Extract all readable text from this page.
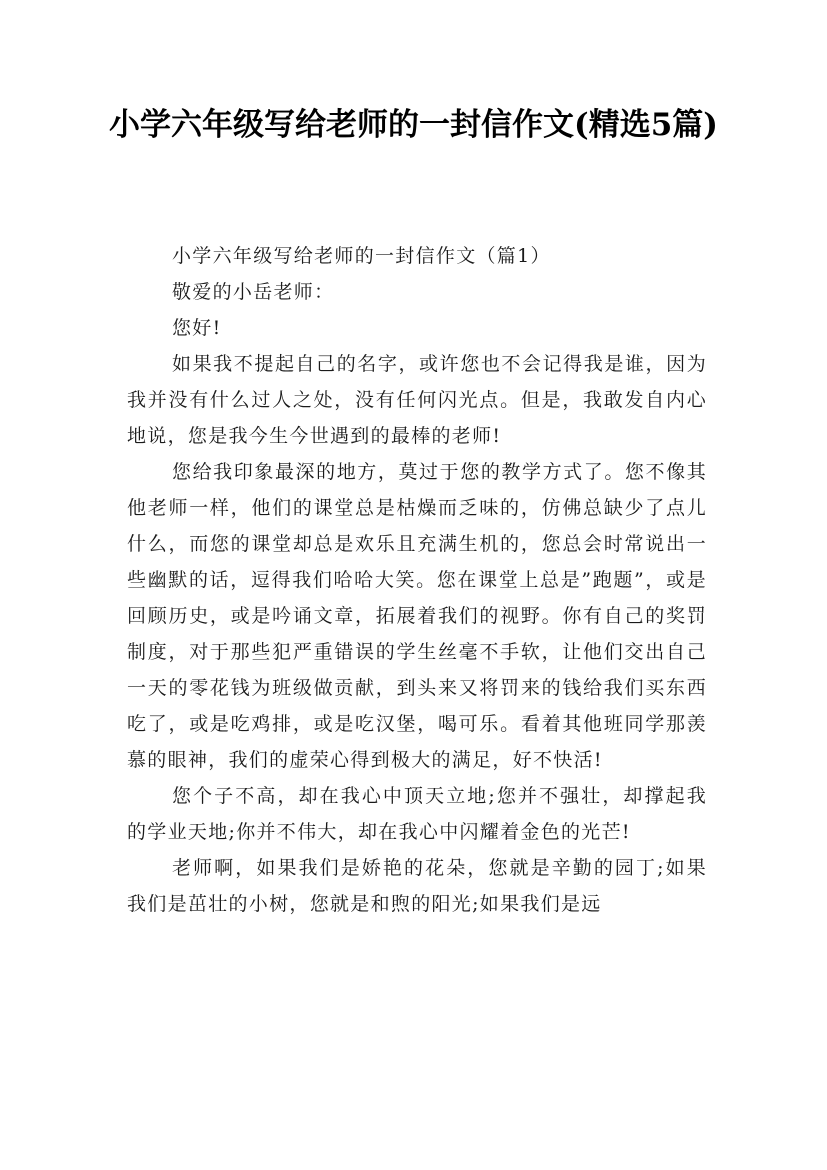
小学六年级写给老师的一封信作文(精选5篇)

小学六年级写给老师的一封信作文（篇1）

敬爱的小岳老师：

您好!

如果我不提起自己的名字，或许您也不会记得我是谁，因为我并没有什么过人之处，没有任何闪光点。但是，我敢发自内心地说，您是我今生今世遇到的最棒的老师!

您给我印象最深的地方，莫过于您的教学方式了。您不像其他老师一样，他们的课堂总是枯燥而乏味的，仿佛总缺少了点儿什么，而您的课堂却总是欢乐且充满生机的，您总会时常说出一些幽默的话，逗得我们哈哈大笑。您在课堂上总是”跑题”，或是回顾历史，或是吟诵文章，拓展着我们的视野。你有自己的奖罚制度，对于那些犯严重错误的学生丝毫不手软，让他们交出自己一天的零花钱为班级做贡献，到头来又将罚来的钱给我们买东西吃了，或是吃鸡排，或是吃汉堡，喝可乐。看着其他班同学那羡慕的眼神，我们的虚荣心得到极大的满足，好不快活!

您个子不高，却在我心中顶天立地;您并不强壮，却撑起我的学业天地;你并不伟大，却在我心中闪耀着金色的光芒!

老师啊，如果我们是娇艳的花朵，您就是辛勤的园丁;如果我们是茁壮的小树，您就是和煦的阳光;如果我们是远
